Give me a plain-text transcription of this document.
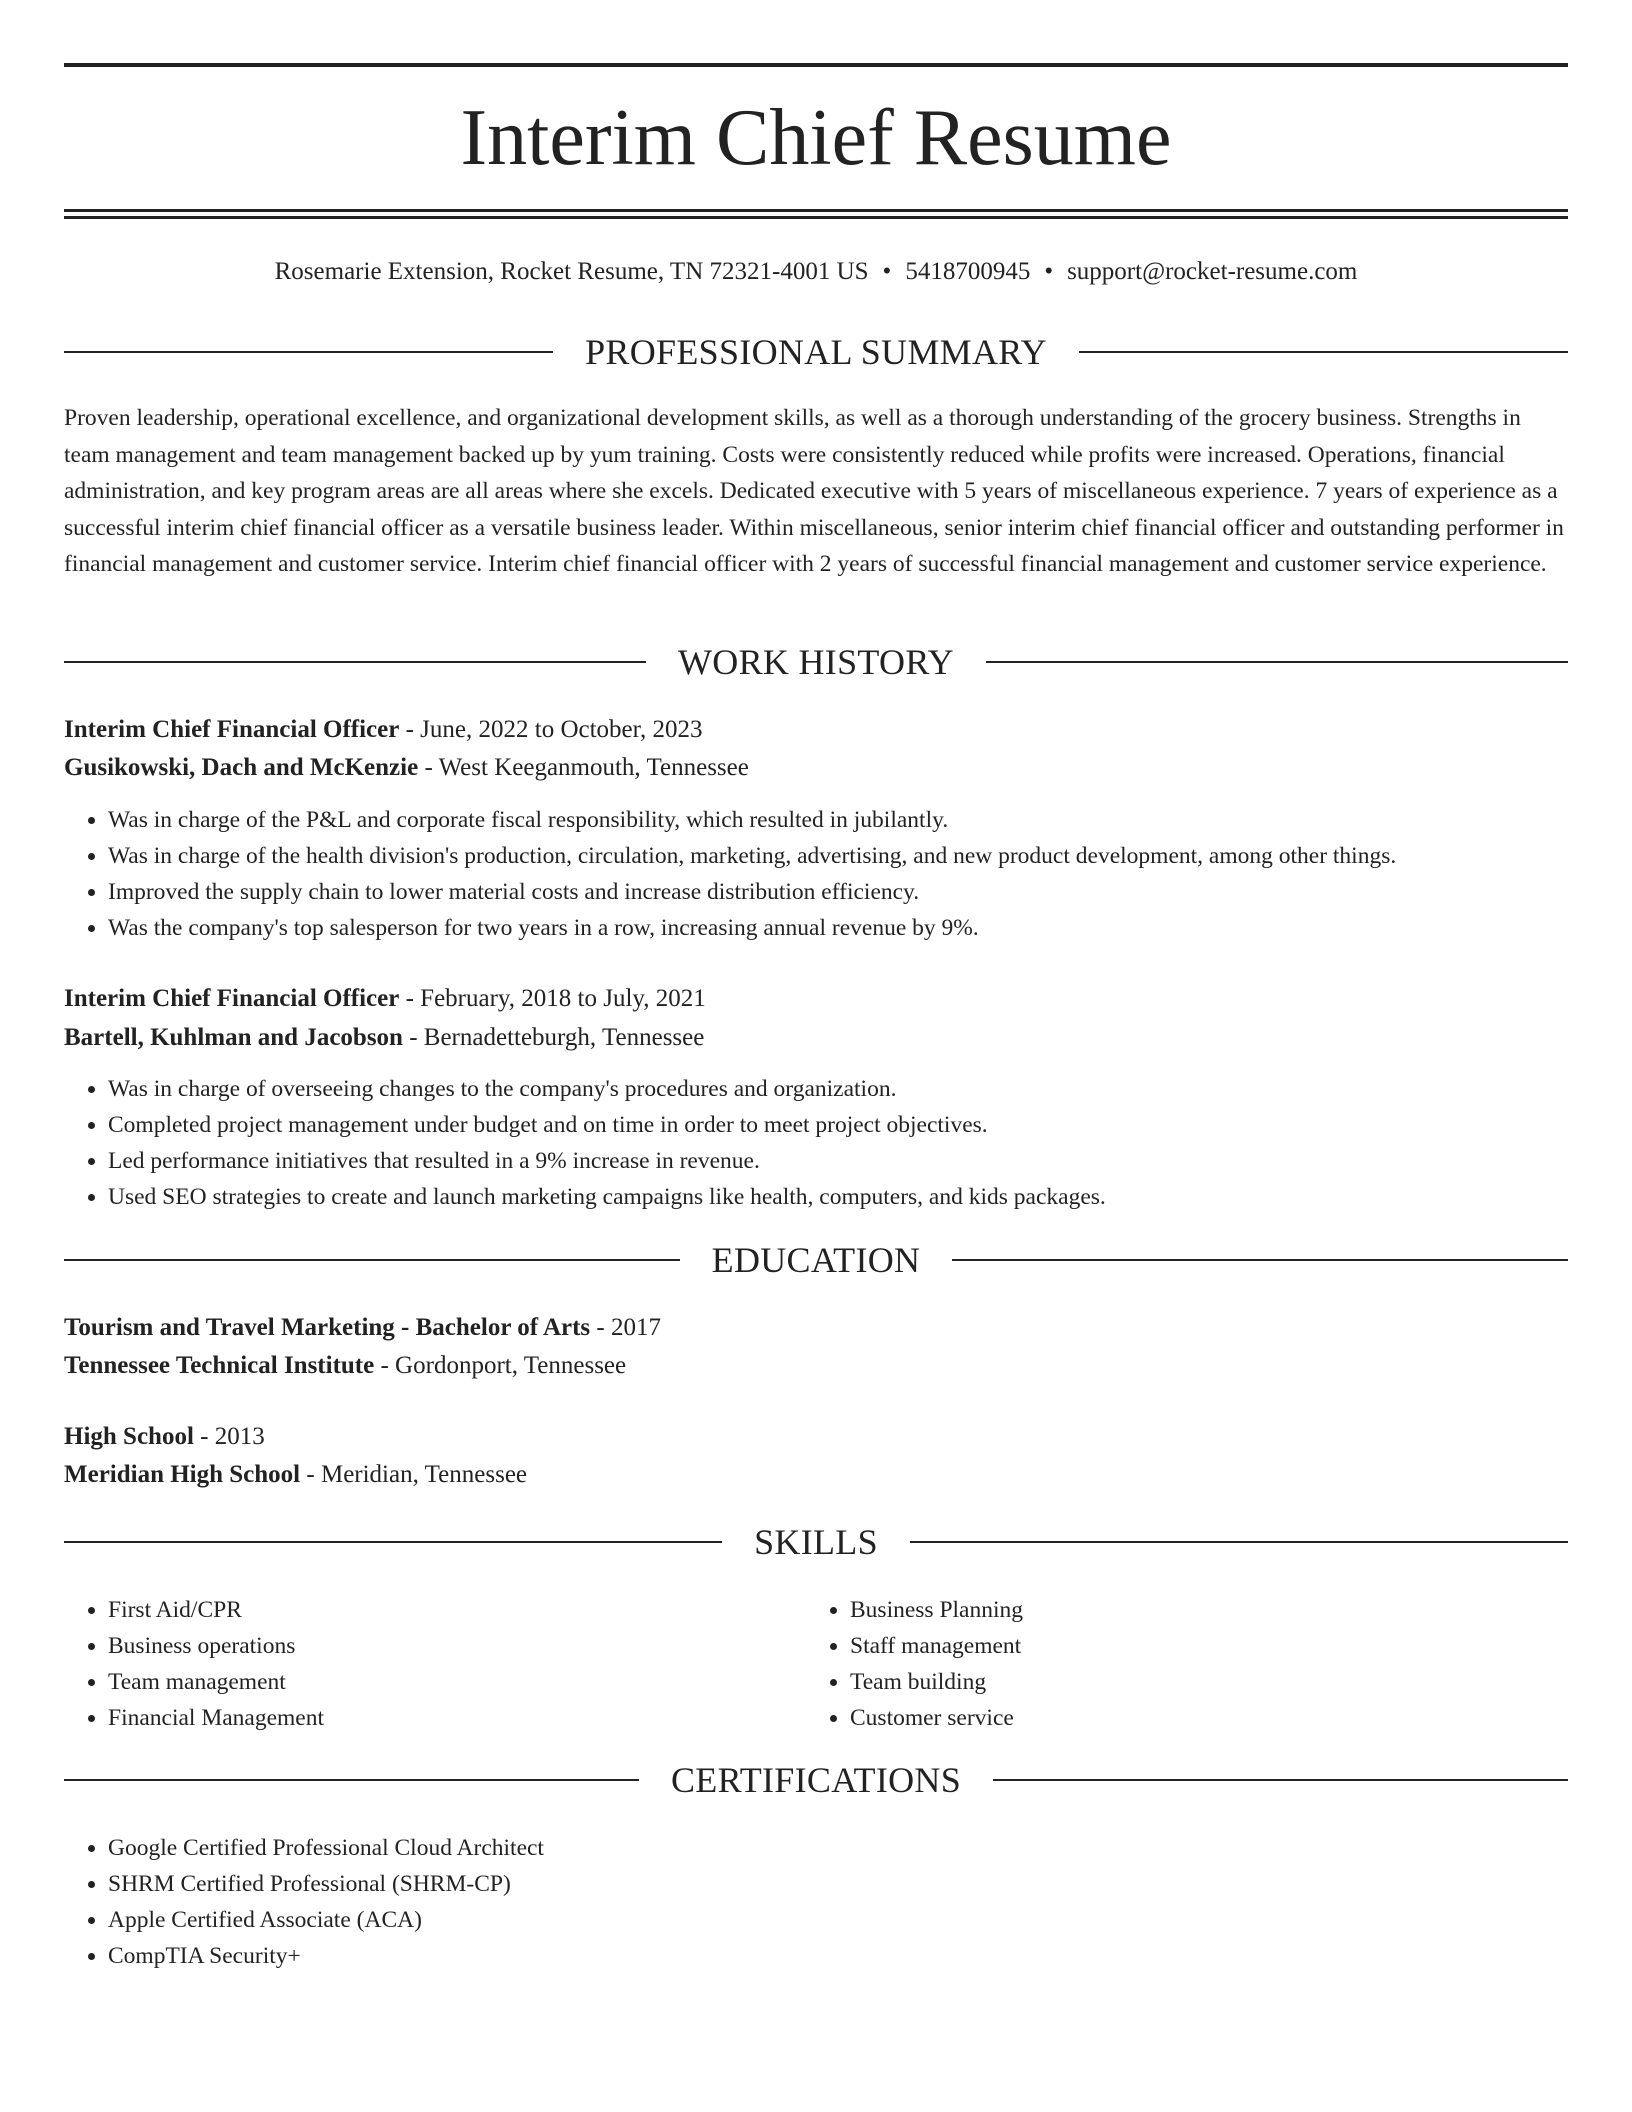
Interim Chief Resume
Rosemarie Extension, Rocket Resume, TN 72321-4001 US • 5418700945 • support@rocket-resume.com
PROFESSIONAL SUMMARY

Proven leadership, operational excellence, and organizational development skills, as well as a thorough understanding of the grocery business. Strengths in team management and team management backed up by yum training. Costs were consistently reduced while profits were increased. Operations, financial administration, and key program areas are all areas where she excels. Dedicated executive with 5 years of miscellaneous experience. 7 years of experience as a successful interim chief financial officer as a versatile business leader. Within miscellaneous, senior interim chief financial officer and outstanding performer in financial management and customer service. Interim chief financial officer with 2 years of successful financial management and customer service experience.

WORK HISTORY
Interim Chief Financial Officer - June, 2022 to October, 2023
Gusikowski, Dach and McKenzie - West Keeganmouth, Tennessee
• Was in charge of the P&L and corporate fiscal responsibility, which resulted in jubilantly.
• Was in charge of the health division's production, circulation, marketing, advertising, and new product development, among other things.
• Improved the supply chain to lower material costs and increase distribution efficiency.
• Was the company's top salesperson for two years in a row, increasing annual revenue by 9%.
Interim Chief Financial Officer - February, 2018 to July, 2021
Bartell, Kuhlman and Jacobson - Bernadetteburgh, Tennessee
• Was in charge of overseeing changes to the company's procedures and organization.
• Completed project management under budget and on time in order to meet project objectives.
• Led performance initiatives that resulted in a 9% increase in revenue.
• Used SEO strategies to create and launch marketing campaigns like health, computers, and kids packages.
EDUCATION
Tourism and Travel Marketing - Bachelor of Arts - 2017
Tennessee Technical Institute - Gordonport, Tennessee
High School - 2013
Meridian High School - Meridian, Tennessee
SKILLS
• First Aid/CPR
• Business operations
• Team management
• Financial Management
• Business Planning
• Staff management
• Team building
• Customer service
CERTIFICATIONS
• Google Certified Professional Cloud Architect
• SHRM Certified Professional (SHRM-CP)
• Apple Certified Associate (ACA)
• CompTIA Security+
